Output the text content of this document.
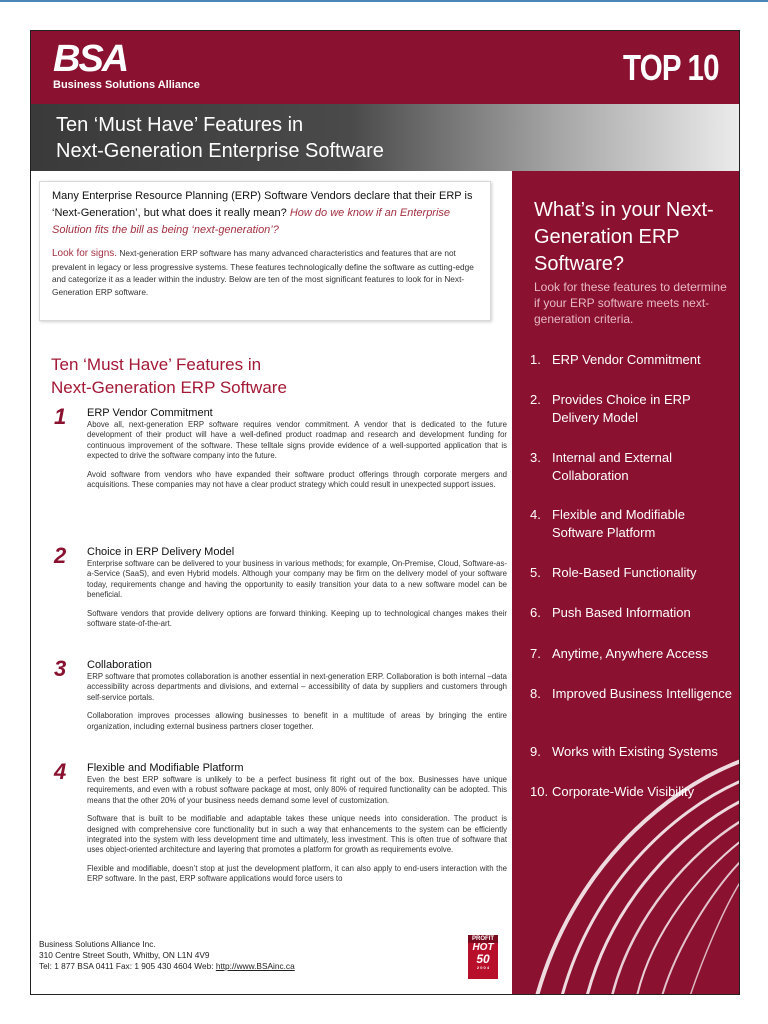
BSA
Business Solutions Alliance	TOP 10
Ten ‘Must Have’ Features in
Next-Generation Enterprise Software
Many Enterprise Resource Planning (ERP) Software Vendors declare that their ERP is ‘Next-Generation’, but what does it really mean? How do we know if an Enterprise Solution fits the bill as being ‘next-generation’?
Look for signs. Next-generation ERP software has many advanced characteristics and features that are not prevalent in legacy or less progressive systems. These features technologically define the software as cutting-edge and categorize it as a leader within the industry. Below are ten of the most significant features to look for in Next-Generation ERP software.
Ten ‘Must Have’ Features in
Next-Generation ERP Software
1 ERP Vendor Commitment

Above all, next-generation ERP software requires vendor commitment. A vendor that is dedicated to the future development of their product will have a well-defined product roadmap and research and development funding for continuous improvement of the software. These telltale signs provide evidence of a well-supported application that is expected to drive the software company into the future.

Avoid software from vendors who have expanded their software product offerings through corporate mergers and acquisitions. These companies may not have a clear product strategy which could result in unexpected support issues.

2 Choice in ERP Delivery Model

Enterprise software can be delivered to your business in various methods; for example, On-Premise, Cloud, Software-as-a-Service (SaaS), and even Hybrid models. Although your company may be firm on the delivery model of your software today, requirements change and having the opportunity to easily transition your data to a new software model can be beneficial.

Software vendors that provide delivery options are forward thinking. Keeping up to technological changes makes their software state-of-the-art.

3 Collaboration

ERP software that promotes collaboration is another essential in next-generation ERP. Collaboration is both internal –data accessibility across departments and divisions, and external – accessibility of data by suppliers and customers through self-service portals.

Collaboration improves processes allowing businesses to benefit in a multitude of areas by bringing the entire organization, including external business partners closer together.

4 Flexible and Modifiable Platform

Even the best ERP software is unlikely to be a perfect business fit right out of the box. Businesses have unique requirements, and even with a robust software package at most, only 80% of required functionality can be adopted. This means that the other 20% of your business needs demand some level of customization.

Software that is built to be modifiable and adaptable takes these unique needs into consideration. The product is designed with comprehensive core functionality but in such a way that enhancements to the system can be efficiently integrated into the system with less development time and ultimately, less investment. This is often true of software that uses object-oriented architecture and layering that promotes a platform for growth as requirements evolve.

Flexible and modifiable, doesn’t stop at just the development platform, it can also apply to end-users interaction with the ERP software. In the past, ERP software applications would force users to

Business Solutions Alliance Inc.
310 Centre Street South, Whitby, ON L1N 4V9
Tel: 1 877 BSA 0411 Fax: 1 905 430 4604 Web: http://www.BSAinc.ca
PROFIT
HOT
50
2 0 0 4
What’s in your Next-Generation ERP Software?
Look for these features to determine if your ERP software meets next-generation criteria.
1. ERP Vendor Commitment
2. Provides Choice in ERP Delivery Model
3. Internal and External Collaboration
4. Flexible and Modifiable Software Platform
5. Role-Based Functionality
6. Push Based Information
7. Anytime, Anywhere Access
8. Improved Business Intelligence
9. Works with Existing Systems
10. Corporate-Wide Visibility
